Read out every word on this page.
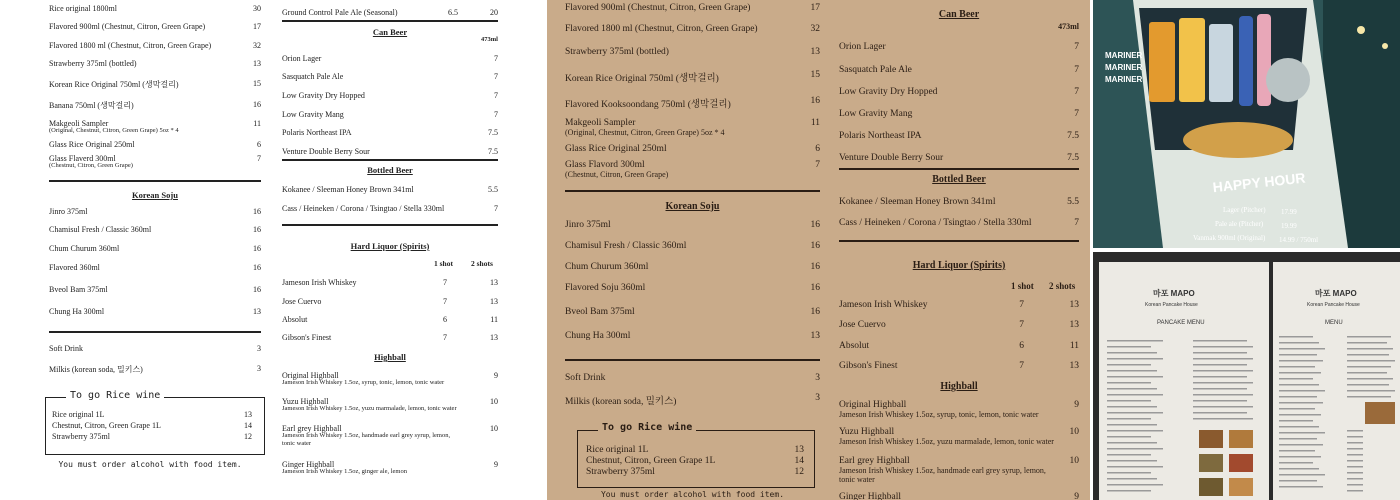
Rice original 1800ml	30
Flavored 900ml (Chestnut, Citron, Green Grape)	17
Flavored 1800 ml (Chestnut, Citron, Green Grape)	32
Strawberry 375ml (bottled)	13
Korean Rice Original 750ml (생막걸리)	15
Banana 750ml (생막걸리)	16
Makgeoli Sampler	11
(Original, Chestnut, Citron, Green Grape) 5oz * 4
Glass Rice Original 250ml	6
Glass Flaverd 300ml	7
(Chestnut, Citron, Green Grape)
Korean Soju
Jinro 375ml	16
Chamisul Fresh / Classic 360ml	16
Chum Churum 360ml	16
Flavored 360ml	16
Bveol Bam 375ml	16
Chung Ha 300ml	13
Soft Drink	3
Milkis (korean soda, 밀키스)	3
To go Rice wine
Rice original 1L	13
Chestnut, Citron, Green Grape 1L	14
Strawberry 375ml	12
You must order alcohol with food item.
Ground Control Pale Ale (Seasonal)	6.5	20
Can Beer
473ml
Orion Lager	7
Sasquatch Pale Ale	7
Low Gravity Dry Hopped	7
Low Gravity Mang	7
Polaris Northeast IPA	7.5
Venture Double Berry Sour	7.5
Bottled Beer
Kokanee / Sleeman Honey Brown 341ml	5.5
Cass / Heineken / Corona / Tsingtao / Stella 330ml	7
Hard Liquor (Spirits)
1 shot 2 shots
Jameson Irish Whiskey	7	13
Jose Cuervo	7	13
Absolut	6	11
Gibson's Finest	7	13
Highball
Original Highball	9
Jameson Irish Whiskey 1.5oz, syrup, tonic, lemon, tonic water
Yuzu Highball	10
Jameson Irish Whiskey 1.5oz, yuzu marmalade, lemon, tonic water
Earl grey Highball	10
Jameson Irish Whiskey 1.5oz, handmade earl grey syrup, lemon,
tonic water
Ginger Highball	9
Jameson Irish Whiskey 1.5oz, ginger ale, lemon
Flavored 900ml (Chestnut, Citron, Green Grape)	17
Flavored 1800 ml (Chestnut, Citron, Green Grape)	32
Strawberry 375ml (bottled)	13
Korean Rice Original 750ml (생막걸리)	15
Flavored Kooksoondang 750ml (생막걸리)	16
Makgeoli Sampler	11
(Original, Chestnut, Citron, Green Grape) 5oz * 4
Glass Rice Original 250ml	6
Glass Flavord 300ml	7
(Chestnut, Citron, Green Grape)
Korean Soju
Jinro 375ml	16
Chamisul Fresh / Classic 360ml	16
Chum Churum 360ml	16
Flavored Soju 360ml	16
Bveol Bam 375ml	16
Chung Ha 300ml	13
Soft Drink	3
Milkis (korean soda, 밀키스)	3
To go Rice wine
Rice original 1L	13
Chestnut, Citron, Green Grape 1L	14
Strawberry 375ml	12
You must order alcohol with food item.
Can Beer
473ml
Orion Lager	7
Sasquatch Pale Ale	7
Low Gravity Dry Hopped	7
Low Gravity Mang	7
Polaris Northeast IPA	7.5
Venture Double Berry Sour	7.5
Bottled Beer
Kokanee / Sleeman Honey Brown 341ml	5.5
Cass / Heineken / Corona / Tsingtao / Stella 330ml	7
Hard Liquor (Spirits)
1 shot 2 shots
Jameson Irish Whiskey	7	13
Jose Cuervo	7	13
Absolut	6	11
Gibson's Finest	7	13
Highball
Original Highball	9
Jameson Irish Whiskey 1.5oz, syrup, tonic, lemon, tonic water
Yuzu Highball	10
Jameson Irish Whiskey 1.5oz, yuzu marmalade, lemon, tonic water
Earl grey Highball	10
Jameson Irish Whiskey 1.5oz, handmade earl grey syrup, lemon,
tonic water
Ginger Highball	9
MARINER
MARINER
MARINER
HAPPY HOUR
Lager (Pitcher) 17.99
Pale ale (Pitcher)	19.99
Vanmak 900ml (Original) 14.99 / 750ml
마포 MAPO
Korean Pancake House
PANCAKE MENU
마포 MAPO
Korean Pancake House
MENU
